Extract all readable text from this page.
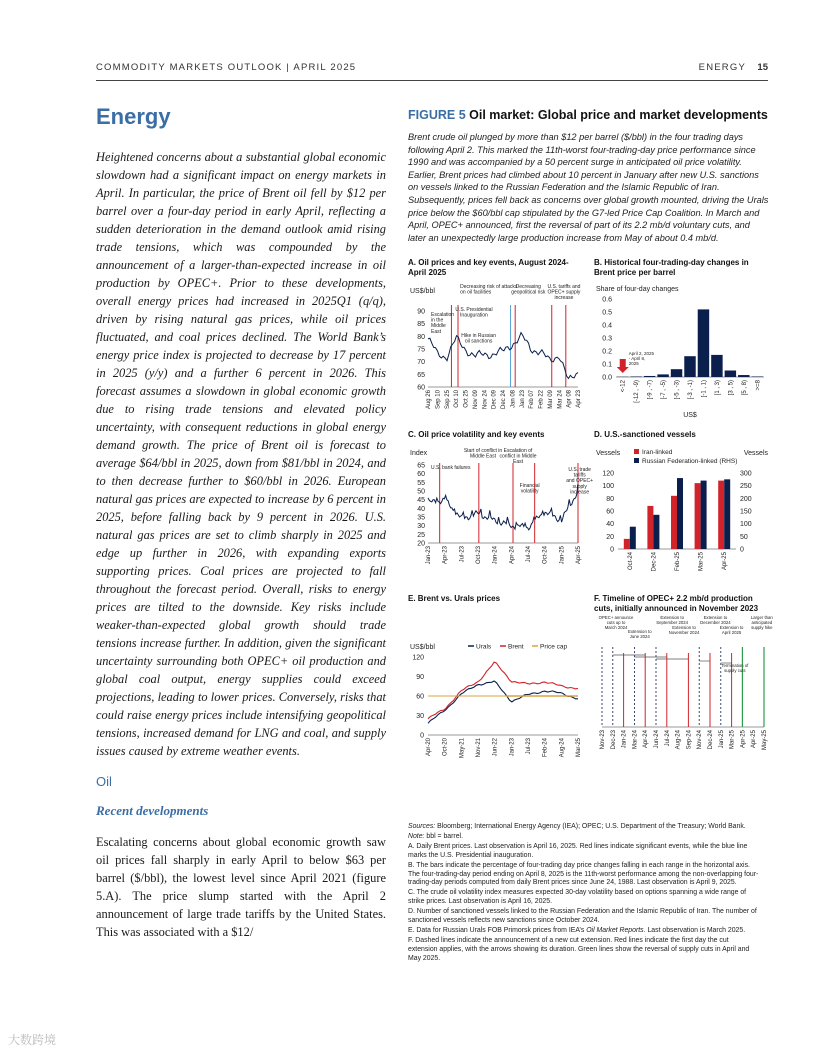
COMMODITY MARKETS OUTLOOK | APRIL 2025	ENERGY 15
Energy

Heightened concerns about a substantial global economic slowdown had a significant impact on energy markets in April. In particular, the price of Brent oil fell by $12 per barrel over a four-day period in early April, reflecting a sudden deterioration in the demand outlook amid rising trade tensions, which was compounded by the announcement of a larger-than-expected increase in oil production by OPEC+. Prior to these developments, overall energy prices had increased in 2025Q1 (q/q), driven by rising natural gas prices, while oil prices fluctuated, and coal prices declined. The World Bank’s energy price index is projected to decrease by 17 percent in 2025 (y/y) and a further 6 percent in 2026. This forecast assumes a slowdown in global economic growth due to rising trade tensions and elevated policy uncertainty, with consequent reductions in global energy demand growth. The price of Brent oil is forecast to average $64/bbl in 2025, down from $81/bbl in 2024, and to then decrease further to $60/bbl in 2026. European natural gas prices are expected to increase by 6 percent in 2025, before falling back by 9 percent in 2026. U.S. natural gas prices are set to climb sharply in 2025 and edge up further in 2026, with expanding exports supporting prices. Coal prices are projected to fall throughout the forecast period. Overall, risks to energy prices are tilted to the downside. Key risks include weaker-than-expected global growth should trade tensions increase further. In addition, given the significant uncertainty surrounding both OPEC+ oil production and global coal output, energy supplies could exceed projections, leading to lower prices. Conversely, risks that could raise energy prices include intensifying geopolitical tensions, increased demand for LNG and coal, and supply issues caused by extreme weather events.

Oil
Recent developments

Escalating concerns about global economic growth saw oil prices fall sharply in early April to below $63 per barrel ($/bbl), the lowest level since April 2021 (figure 5.A). The price slump started with the April 2 announcement of large trade tariffs by the United States. This was associated with a $12/

FIGURE 5 Oil market: Global price and market developments

Brent crude oil plunged by more than $12 per barrel ($/bbl) in the four trading days following April 2. This marked the 11th-worst four-trading-day price performance since 1990 and was accompanied by a 50 percent surge in anticipated oil price volatility. Earlier, Brent prices had climbed about 10 percent in January after new U.S. sanctions on vessels linked to the Russian Federation and the Islamic Republic of Iran. Subsequently, prices fell back as concerns over global growth mounted, driving the Urals price below the $60/bbl cap stipulated by the G7-led Price Cap Coalition. In March and April, OPEC+ announced, first the reversal of part of its 2.2 mb/d voluntary cuts, and later an unexpectedly large production increase from May of about 0.4 mb/d.

A. Oil prices and key events, August 2024-April 2025
US$/bbl
60
65
70
75
80
85
90
Aug 26 Sep 10 Sep 25 Oct 10 Oct 25 Nov 09 Nov 24 Dec 09 Dec 24 Jan 08 Jan 23 Feb 07 Feb 22 Mar 09 Mar 24 Apr 08 Apr 23
Escalation in the Middle East
Decreasing risk of attacks on oil facilities
U.S. Presidential Inauguration
Hike in Russian oil sanctions
Decreasing geopolitical risk
U.S. tariffs and OPEC+ supply increase
B. Historical four-trading-day changes in Brent price per barrel
Share of four-day changes
0.0
0.1
0.2
0.3
0.4
0.5
0.6
<-12 [-12 , -9) [-9 , -7) [-7 , -5) [-5 , -3) [-3 , -1) [-1 , 1) [1 , 3) [3 , 5) [5 , 8) >=8
US$
April 2, 2025 - April 8, 2025
C. Oil price volatility and key events
Index
20
25
30
35
40
45
50
55
60
65
Jan-23 Apr-23 Jul-23 Oct-23 Jan-24 Apr-24 Jul-24 Oct-24 Jan-25 Apr-25
U.S. bank failures
Start of conflict in Middle East
Escalation of conflict in Middle East
Financial volatility
U.S. trade tariffs and OPEC+ supply increase
D. U.S.-sanctioned vessels
Vessels	Vessels
0
20
40
60
80
100
120
0
50
100
150
200
250
300
Iran-linked
Russian Federation-linked (RHS)
Oct-24	Dec-24	Feb-25	Mar-25	Apr-25
E. Brent vs. Urals prices
US$/bbl
0
30
60
90
120
Urals	Brent	Price cap
Apr-20 Oct-20 May-21 Nov-21 Jun-22 Jan-23 Jul-23 Feb-24 Aug-24 Mar-25
F. Timeline of OPEC+ 2.2 mb/d production cuts, initially announced in November 2023
OPEC+ announce cuts up to March 2024
Extension to June 2024
Extension to September 2024
Extension to November 2024
Extension to December 2024
Extension to April 2025
Larger than anticipated supply hike
Termination of supply cuts
Nov-23 Dec-23 Jan-24 Mar-24 Apr-24 Jun-24 Jul-24 Aug-24 Sep-24 Nov-24 Dec-24 Jan-25 Mar-25 Apr-25 Apr-25 May-25

Sources: Bloomberg; International Energy Agency (IEA); OPEC; U.S. Department of the Treasury; World Bank.

Note: bbl = barrel.

A. Daily Brent prices. Last observation is April 16, 2025. Red lines indicate significant events, while the blue line marks the U.S. Presidential inauguration.

B. The bars indicate the percentage of four-trading day price changes falling in each range in the horizontal axis. The four-trading-day period ending on April 8, 2025 is the 11th-worst performance among the non-overlapping four-trading-day periods computed from daily Brent prices since June 24, 1988. Last observation is April 9, 2025.

C. The crude oil volatility index measures expected 30-day volatility based on options spanning a wide range of strike prices. Last observation is April 16, 2025.

D. Number of sanctioned vessels linked to the Russian Federation and the Islamic Republic of Iran. The number of sanctioned vessels reflects new sanctions since October 2024.

E. Data for Russian Urals FOB Primorsk prices from IEA’s Oil Market Reports. Last observation is March 2025.

F. Dashed lines indicate the announcement of a new cut extension. Red lines indicate the first day the cut extension applies, with the arrows showing its duration. Green lines show the reversal of supply cuts in April and May 2025.

大数跨境
